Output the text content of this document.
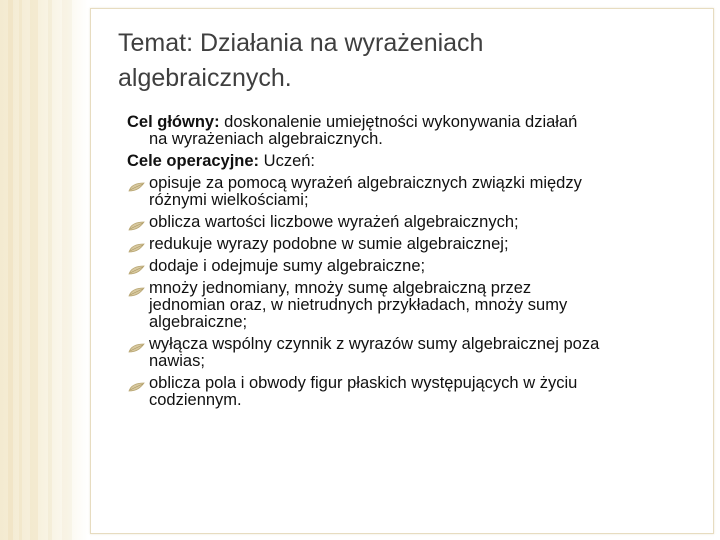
Temat: Działania na wyrażeniach
algebraicznych.

Cel główny: doskonalenie umiejętności wykonywania działań
na wyrażeniach algebraicznych.

Cele operacyjne: Uczeń:

opisuje za pomocą wyrażeń algebraicznych związki między
różnymi wielkościami;
oblicza wartości liczbowe wyrażeń algebraicznych;
redukuje wyrazy podobne w sumie algebraicznej;
dodaje i odejmuje sumy algebraiczne;
mnoży jednomiany, mnoży sumę algebraiczną przez
jednomian oraz, w nietrudnych przykładach, mnoży sumy
algebraiczne;
wyłącza wspólny czynnik z wyrazów sumy algebraicznej poza
nawias;
oblicza pola i obwody figur płaskich występujących w życiu
codziennym.
